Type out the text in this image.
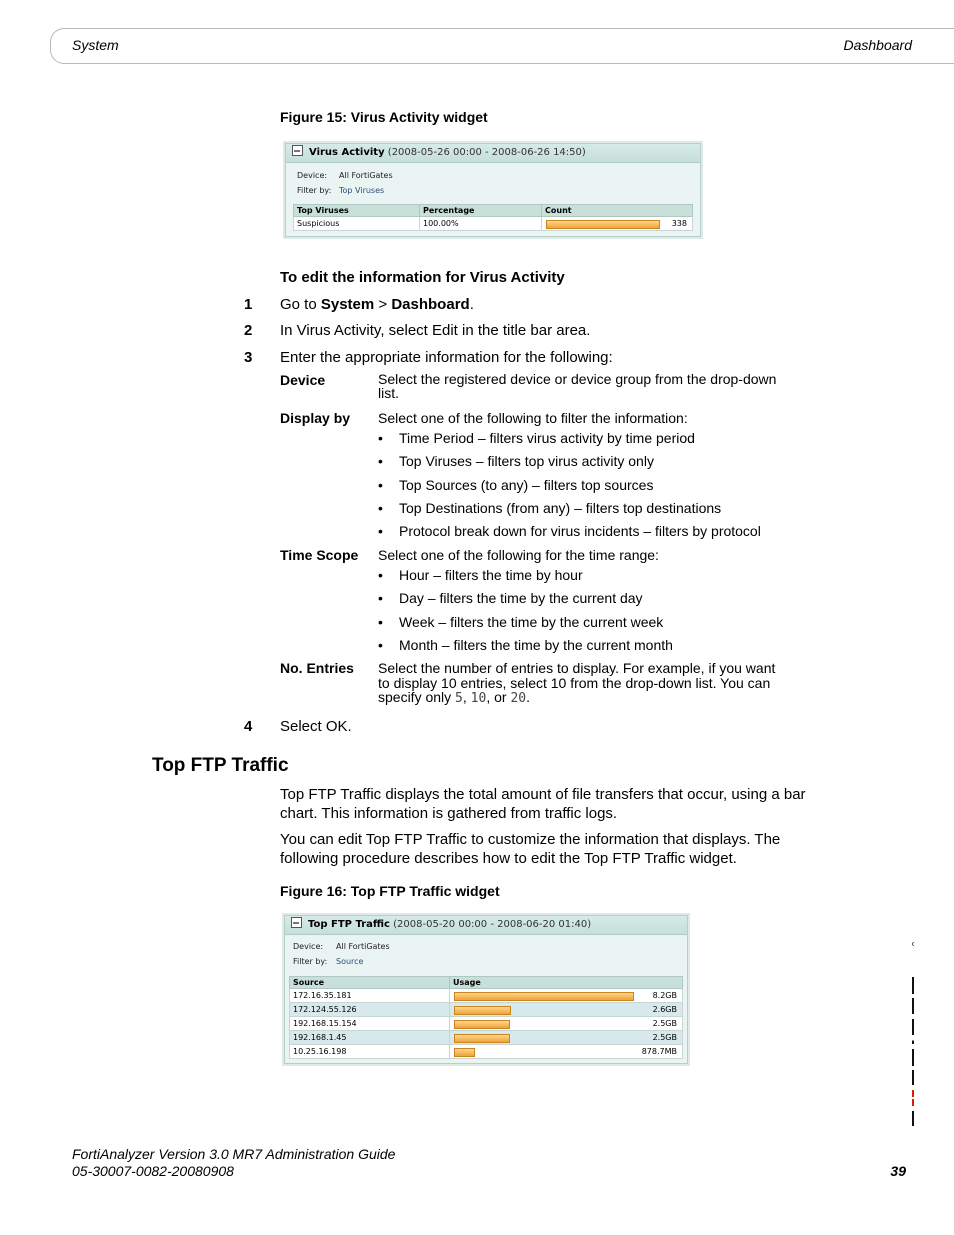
System	Dashboard
Figure 15: Virus Activity widget
Virus Activity (2008-05-26 00:00 - 2008-06-26 14:50)
Device: All FortiGates
Filter by: Top Viruses
Top Viruses	Percentage	Count
Suspicious	100.00%	338
To edit the information for Virus Activity
1 Go to System > Dashboard.
2 In Virus Activity, select Edit in the title bar area.
3 Enter the appropriate information for the following:
Device	Select the registered device or device group from the drop-down
list.
Display by Select one of the following to filter the information:
• Time Period – filters virus activity by time period
• Top Viruses – filters top virus activity only
• Top Sources (to any) – filters top sources
• Top Destinations (from any) – filters top destinations
• Protocol break down for virus incidents – filters by protocol
Time Scope Select one of the following for the time range:
• Hour – filters the time by hour
• Day – filters the time by the current day
• Week – filters the time by the current week
• Month – filters the time by the current month
No. Entries Select the number of entries to display. For example, if you want
to display 10 entries, select 10 from the drop-down list. You can
specify only 5, 10, or 20.
4 Select OK.
Top FTP Traffic
Top FTP Traffic displays the total amount of file transfers that occur, using a bar
chart. This information is gathered from traffic logs.
You can edit Top FTP Traffic to customize the information that displays. The
following procedure describes how to edit the Top FTP Traffic widget.
Figure 16: Top FTP Traffic widget
Top FTP Traffic (2008-05-20 00:00 - 2008-06-20 01:40)
Device: All FortiGates
Filter by: Source
Source	Usage
172.16.35.181	8.2GB

172.124.55.126	2.6GB

192.168.15.154	2.5GB

192.168.1.45	2.5GB

10.25.16.198	878.7MB
FortiAnalyzer Version 3.0 MR7 Administration Guide
05-30007-0082-20080908	39
